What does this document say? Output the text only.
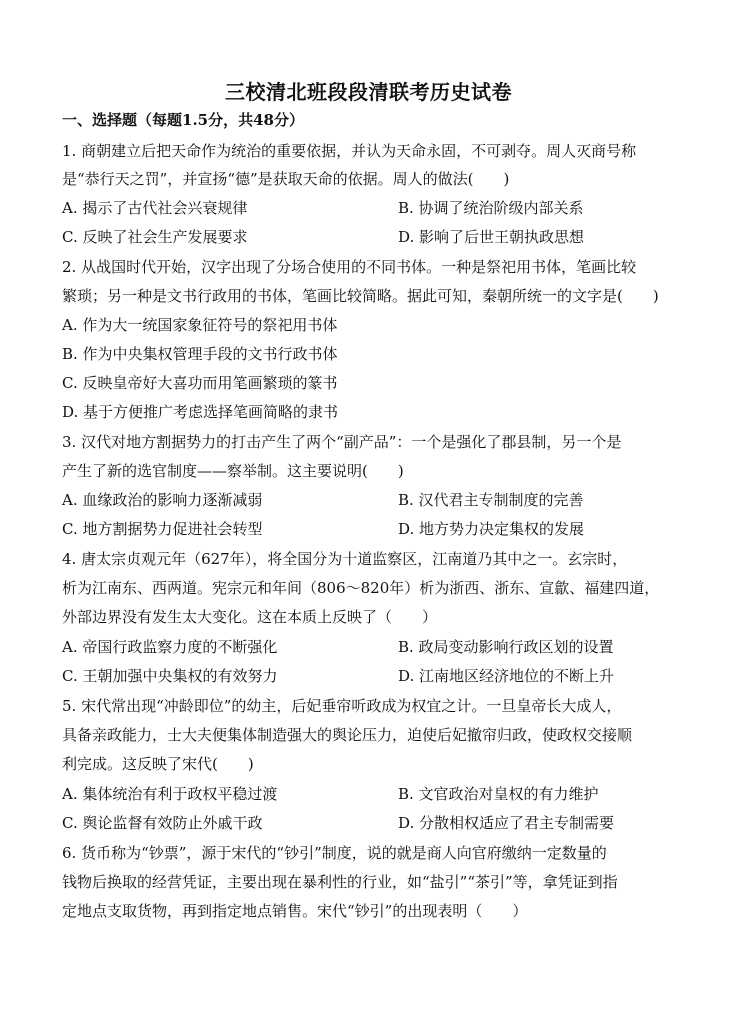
三校清北班段段清联考历史试卷
一、选择题（每题1.5分，共48分）
1. 商朝建立后把天命作为统治的重要依据，并认为天命永固，不可剥夺。周人灭商号称
是“恭行天之罚”，并宣扬“德”是获取天命的依据。周人的做法(　　)
A. 揭示了古代社会兴衰规律	B. 协调了统治阶级内部关系
C. 反映了社会生产发展要求	D. 影响了后世王朝执政思想
2. 从战国时代开始，汉字出现了分场合使用的不同书体。一种是祭祀用书体，笔画比较
繁琐；另一种是文书行政用的书体，笔画比较简略。据此可知，秦朝所统一的文字是(　　)
A. 作为大一统国家象征符号的祭祀用书体
B. 作为中央集权管理手段的文书行政书体
C. 反映皇帝好大喜功而用笔画繁琐的篆书
D. 基于方便推广考虑选择笔画简略的隶书
3. 汉代对地方割据势力的打击产生了两个“副产品”：一个是强化了郡县制，另一个是
产生了新的选官制度——察举制。这主要说明(　　)
A. 血缘政治的影响力逐渐减弱	B. 汉代君主专制制度的完善
C. 地方割据势力促进社会转型	D. 地方势力决定集权的发展
4. 唐太宗贞观元年（627年），将全国分为十道监察区，江南道乃其中之一。玄宗时，
析为江南东、西两道。宪宗元和年间（806～820年）析为浙西、浙东、宣歙、福建四道，
外部边界没有发生太大变化。这在本质上反映了（　　）
A. 帝国行政监察力度的不断强化	B. 政局变动影响行政区划的设置
C. 王朝加强中央集权的有效努力	D. 江南地区经济地位的不断上升
5. 宋代常出现“冲龄即位”的幼主，后妃垂帘听政成为权宜之计。一旦皇帝长大成人，
具备亲政能力，士大夫便集体制造强大的舆论压力，迫使后妃撤帘归政，使政权交接顺
利完成。这反映了宋代(　　)
A. 集体统治有利于政权平稳过渡	B. 文官政治对皇权的有力维护
C. 舆论监督有效防止外戚干政	D. 分散相权适应了君主专制需要
6. 货币称为“钞票”，源于宋代的“钞引”制度，说的就是商人向官府缴纳一定数量的
钱物后换取的经营凭证，主要出现在暴利性的行业，如“盐引”“茶引”等，拿凭证到指
定地点支取货物，再到指定地点销售。宋代“钞引”的出现表明（　　）
